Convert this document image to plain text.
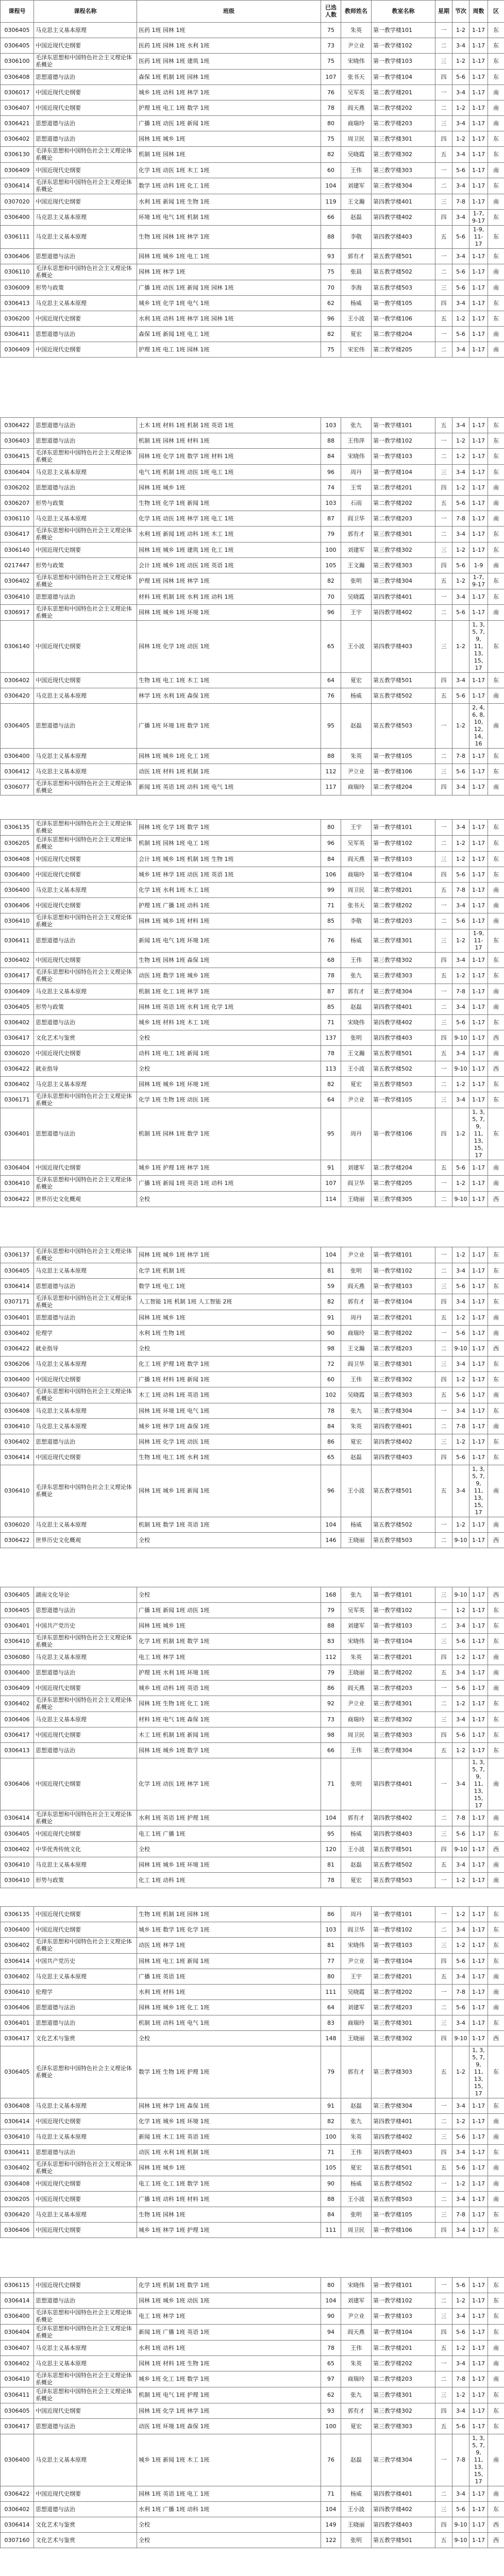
课程号	课程名称	班级	已选人数	教师姓名	教室名称	星期	节次	周数	区
0306405	马克思主义基本原理	医药 1班 园林 1班	75	朱英	第一教学楼101	一	1-2	1-17	东
0306405	中国近现代史纲要	医药 1班 园林 1班 水利 1班	73	尹立业	第一教学楼102	二	3-4	1-17	东
0306100	毛泽东思想和中国特色社会主义理论体系概论	医药 1班 园林 1班 建筑 1班	75	宋晓伟	第一教学楼103	三	1-2	1-17	东
0306408	思想道德与法治	森保 1班 机制 1班 园林 1班	107	张书天	第一教学楼104	四	5-6	1-17	东
0306017	中国近现代史纲要	城乡 1班 动科 1班 林学 1班	76	吴军英	第二教学楼201	一	3-4	1-17	南
0306407	中国近现代史纲要	护理 1班 电工 1班 数学 1班	78	阎天燕	第二教学楼202	二	1-2	1-17	南
0306421	思想道德与法治	广播 1班 动医 1班 新闻 1班	80	商瑞玲	第二教学楼203	三	3-4	1-17	南
0306402	思想道德与法治	园林 1班 城乡 1班	75	周卫民	第三教学楼301	四	1-2	1-17	东
0306130	毛泽东思想和中国特色社会主义理论体系概论	机制 1班 园林 1班	82	吴晓霞	第三教学楼302	五	3-4	1-17	东
0306409	中国近现代史纲要	化学 1班 动医 1班 木工 1班	60	王伟	第三教学楼303	一	5-6	1-17	南
0306414	毛泽东思想和中国特色社会主义理论体系概论	数学 1班 动科 1班 化工 1班	104	刘建军	第三教学楼304	二	3-4	1-17	东
0307020	中国近现代史纲要	水利 1班 新闻 1班 生物 1班	119	王文瀚	第四教学楼401	三	7-8	1-17	南
0306400	马克思主义基本原理	环境 1班 电气 1班 机制 1班	66	赵磊	第四教学楼402	四	3-4	1-7, 9-17	东
0306111	马克思主义基本原理	生物 1班 园林 1班 林学 1班	88	李敬	第四教学楼403	五	5-6	1-9, 11-17	东
0306406	思想道德与法治	园林 1班 城乡 1班 电工 1班	93	郭有才	第五教学楼501	一	3-4	1-17	东
0306110	毛泽东思想和中国特色社会主义理论体系概论	园林 1班 林学 1班	75	张晨	第五教学楼502	二	5-6	1-17	南
0306009	形势与政策	广播 1班 动医 1班 新闻 1班 园林 1班	70	李海	第五教学楼503	三	5-6	1-17	南
0306413	马克思主义基本原理	城乡 1班 化学 1班 电气 1班	62	杨威	第一教学楼105	四	3-4	1-17	东
0306200	中国近现代史纲要	水利 1班 动科 1班 林学 1班 园林 1班	96	王小波	第一教学楼106	五	1-2	1-17	东
0306411	思想道德与法治	森保 1班 新闻 1班 电工 1班	82	夏宏	第二教学楼204	一	5-6	1-17	南
0306409	中国近现代史纲要	护理 1班 电工 1班 园林 1班	75	宋宏伟	第二教学楼205	二	3-4	1-17	南
0306422	思想道德与法治	土木 1班 材料 1班 机制 1班 英语 1班	103	张九	第一教学楼101	五	3-4	1-17	东
0306403	思想道德与法治	机制 1班 园林 1班 材料 1班	88	王伟萍	第一教学楼102	一	1-2	1-17	东
0306415	毛泽东思想和中国特色社会主义理论体系概论	园林 1班 化学 1班 数学 1班 材料 1班	84	宋晓伟	第一教学楼103	二	1-2	1-17	东
0306404	马克思主义基本原理	电气 1班 机制 1班 动医 1班 电工 1班	96	周丹	第一教学楼104	三	3-4	1-17	东
0306202	思想道德与法治	园林 1班 城乡 1班	74	王雪	第二教学楼201	四	1-2	1-17	南
0306207	形势与政策	生物 1班 化学 1班 新闻 1班	103	石雨	第二教学楼202	五	5-6	1-17	南
0306110	马克思主义基本原理	化学 1班 动医 1班 林学 1班 电工 1班	87	阎卫华	第二教学楼203	一	7-8	1-17	南
0306417	毛泽东思想和中国特色社会主义理论体系概论	水利 1班 新闻 1班 动科 1班 木工 1班	79	郭有才	第三教学楼301	二	3-4	1-17	东
0306140	中国近现代史纲要	园林 1班 城乡 1班 建筑 1班 化工 1班	100	刘建军	第三教学楼302	三	1-2	1-17	东
0217447	形势与政策	会计 1班 城乡 1班 动医 1班 英语 1班	105	王文瀚	第三教学楼303	四	5-6	1-9	南
0306402	毛泽东思想和中国特色社会主义理论体系概论	护理 1班 园林 1班 林学 1班	82	张明	第三教学楼304	五	1-2	1-7, 9-17	东
0306410	思想道德与法治	材料 1班 机制 1班 水利 1班 动科 1班	70	吴晓霞	第四教学楼401	一	3-4	1-17	东
0306917	毛泽东思想和中国特色社会主义理论体系概论	园林 1班 城乡 1班 环境 1班	96	王宇	第四教学楼402	二	5-6	1-17	南
0306140	中国近现代史纲要	园林 1班 化学 1班 动医 1班	65	王小波	第四教学楼403	三	1-2	1, 3, 5, 7, 9, 11, 13, 15, 17	东
0306402	中国近现代史纲要	生物 1班 电工 1班 木工 1班	64	夏宏	第五教学楼501	四	3-4	1-17	东
0306420	马克思主义基本原理	林学 1班 水利 1班 森保 1班	76	杨威	第五教学楼502	五	5-6	1-17	南
0306405	思想道德与法治	广播 1班 环境 1班 数学 1班	95	赵磊	第五教学楼503	一	1-2	2, 4, 6, 8, 10, 12, 14, 16	南
0306400	马克思主义基本原理	园林 1班 城乡 1班 化工 1班	88	朱英	第一教学楼105	二	7-8	1-17	东
0306412	马克思主义基本原理	动医 1班 材料 1班 机制 1班	112	尹立业	第一教学楼106	三	5-6	1-17	东
0306077	毛泽东思想和中国特色社会主义理论体系概论	新闻 1班 英语 1班 动科 1班 电气 1班	117	商瑞玲	第二教学楼204	四	3-4	1-17	南
0306135	毛泽东思想和中国特色社会主义理论体系概论	园林 1班 化学 1班 数学 1班	80	王宇	第一教学楼101	一	3-4	1-17	东
0306205	毛泽东思想和中国特色社会主义理论体系概论	机制 1班 园林 1班 电工 1班	96	吴军英	第一教学楼102	二	1-2	1-17	东
0306408	中国近现代史纲要	会计 1班 城乡 1班 机制 1班 生物 1班	84	阎天燕	第一教学楼103	三	1-2	1-17	东
0306400	中国近现代史纲要	城乡 1班 林学 1班 动医 1班 英语 1班	106	商瑞玲	第一教学楼104	四	5-6	1-17	东
0306400	马克思主义基本原理	化学 1班 水利 1班 木工 1班	99	周卫民	第二教学楼201	五	7-8	1-17	南
0306406	中国近现代史纲要	护理 1班 广播 1班 动科 1班	71	张书天	第二教学楼202	一	3-4	1-17	南
0306410	毛泽东思想和中国特色社会主义理论体系概论	园林 1班 城乡 1班 材料 1班	85	李敬	第二教学楼203	二	5-6	1-17	南
0306411	思想道德与法治	新闻 1班 电气 1班 环境 1班	76	杨威	第三教学楼301	三	1-2	1-9, 11-17	东
0306402	中国近现代史纲要	生物 1班 园林 1班 森保 1班	68	王伟	第三教学楼302	四	3-4	1-17	东
0306417	毛泽东思想和中国特色社会主义理论体系概论	动医 1班 数学 1班 城乡 1班	78	张九	第三教学楼303	五	1-2	1-17	东
0306409	马克思主义基本原理	机制 1班 化工 1班 林学 1班	87	郭有才	第三教学楼304	一	7-8	1-17	南
0306405	形势与政策	园林 1班 英语 1班 水利 1班 化学 1班	85	赵磊	第四教学楼401	二	3-4	1-17	南
0306402	思想道德与法治	城乡 1班 材料 1班 木工 1班	71	宋晓伟	第四教学楼402	三	5-6	1-17	东
0306417	文化艺术与鉴赏	全校	137	张明	第四教学楼403	四	9-10	1-17	西
0306020	中国近现代史纲要	动科 1班 电工 1班 新闻 1班	78	王文瀚	第五教学楼501	五	3-4	1-17	南
0306422	就业指导	全校	113	王小波	第五教学楼502	一	9-10	1-17	西
0306402	马克思主义基本原理	园林 1班 城乡 1班 环境 1班	82	夏宏	第五教学楼503	二	1-2	1-17	东
0306171	毛泽东思想和中国特色社会主义理论体系概论	化学 1班 生物 1班 动医 1班	64	尹立业	第一教学楼105	三	3-4	1-17	东
0306401	思想道德与法治	机制 1班 园林 1班 数学 1班	95	周丹	第一教学楼106	四	1-2	1, 3, 5, 7, 9, 11, 13, 15, 17	东
0306404	中国近现代史纲要	城乡 1班 护理 1班 林学 1班	91	刘建军	第二教学楼204	五	5-6	1-17	南
0306410	毛泽东思想和中国特色社会主义理论体系概论	广播 1班 新闻 1班 英语 1班 动科 1班	107	阎卫华	第二教学楼205	一	1-2	1-17	南
0306422	世界历史文化概观	全校	114	王晓丽	第三教学楼305	二	9-10	1-17	西
0306137	毛泽东思想和中国特色社会主义理论体系概论	园林 1班 城乡 1班 林学 1班	104	尹立业	第一教学楼101	一	1-2	1-17	东
0306405	马克思主义基本原理	化学 1班 机制 1班	81	张明	第一教学楼102	二	3-4	1-17	东
0306414	思想道德与法治	数学 1班 电工 1班	59	阎天燕	第一教学楼103	三	5-6	1-17	东
0307171	毛泽东思想和中国特色社会主义理论体系概论	人工智能 1班 机制 1班 人工智能 2班	82	郭有才	第一教学楼104	四	3-4	1-17	东
0306401	思想道德与法治	园林 1班 城乡 1班	91	周丹	第二教学楼201	五	1-2	1-17	南
0306402	伦理学	水利 1班 生物 1班	90	商瑞玲	第二教学楼202	一	5-6	1-17	南
0306422	就业指导	全校	98	王文瀚	第二教学楼203	二	9-10	1-17	西
0306206	马克思主义基本原理	化工 1班 护理 1班 数学 1班	72	阎卫华	第三教学楼301	三	3-4	1-17	东
0306400	中国近现代史纲要	广播 1班 材料 1班 新闻 1班	60	王伟	第三教学楼302	四	1-2	1-17	东
0306407	毛泽东思想和中国特色社会主义理论体系概论	木工 1班 动科 1班 英语 1班	102	吴晓霞	第三教学楼303	五	5-6	1-17	南
0306408	马克思主义基本原理	园林 1班 环境 1班 电气 1班	78	张九	第三教学楼304	一	3-4	1-17	东
0306410	马克思主义基本原理	城乡 1班 林学 1班 森保 1班	84	朱英	第四教学楼401	二	7-8	1-17	南
0306402	思想道德与法治	园林 1班 化学 1班 动医 1班	86	夏宏	第四教学楼402	三	1-2	1-17	东
0306414	中国近现代史纲要	生物 1班 电工 1班 水利 1班	65	赵磊	第四教学楼403	四	5-6	1-17	东
0306410	毛泽东思想和中国特色社会主义理论体系概论	园林 1班 城乡 1班 新闻 1班	96	王小波	第五教学楼501	五	3-4	1, 3, 5, 7, 9, 11, 13, 15, 17	南
0306020	马克思主义基本原理	机制 1班 数学 1班 英语 1班	104	杨威	第五教学楼502	一	1-2	1-17	南
0306422	世界历史文化概观	全校	146	王晓丽	第五教学楼503	二	9-10	1-17	西
0306405	湖南文化导论	全校	168	张九	第一教学楼101	三	9-10	1-17	西
0306405	思想道德与法治	广播 1班 新闻 1班 动医 1班	79	吴军英	第一教学楼102	一	1-2	1-17	东
0306401	中国共产党历史	园林 1班 城乡 1班	88	刘建军	第一教学楼103	二	3-4	1-17	东
0306410	毛泽东思想和中国特色社会主义理论体系概论	化学 1班 机制 1班 数学 1班	83	宋晓伟	第一教学楼104	三	5-6	1-17	东
0306080	马克思主义基本原理	电工 1班 林学 1班	112	朱英	第二教学楼201	四	1-2	1-17	南
0306400	思想道德与法治	护理 1班 水利 1班 环境 1班	79	王晓丽	第二教学楼202	五	3-4	1-17	南
0306409	中国近现代史纲要	城乡 1班 动科 1班 英语 1班	86	阎天燕	第二教学楼203	一	5-6	1-17	南
0306402	毛泽东思想和中国特色社会主义理论体系概论	园林 1班 生物 1班 化工 1班	92	尹立业	第三教学楼301	二	1-2	1-17	东
0306406	马克思主义基本原理	材料 1班 电气 1班 森保 1班	73	商瑞玲	第三教学楼302	三	3-4	1-17	东
0306417	中国近现代史纲要	木工 1班 机制 1班 新闻 1班	98	周卫民	第三教学楼303	四	5-6	1-17	东
0306413	思想道德与法治	园林 1班 城乡 1班 数学 1班	66	王伟	第三教学楼304	五	1-2	1-17	东
0306406	中国近现代史纲要	化学 1班 动医 1班 林学 1班	71	张明	第四教学楼401	一	3-4	1, 3, 5, 7, 9, 11, 13, 15, 17	南
0306414	毛泽东思想和中国特色社会主义理论体系概论	水利 1班 英语 1班 护理 1班	104	郭有才	第四教学楼402	二	7-8	1-17	南
0306405	中国近现代史纲要	电工 1班 广播 1班	95	杨威	第四教学楼403	三	5-6	1-17	东
0306402	中华优秀传统文化	全校	120	王小波	第五教学楼501	四	9-10	1-17	西
0306410	马克思主义基本原理	园林 1班 城乡 1班 环境 1班	81	赵磊	第五教学楼502	五	3-4	1-17	南
0306410	形势与政策	化工 1班 动科 1班	78	夏宏	第五教学楼503	一	1-2	1-17	南
0306135	中国近现代史纲要	生物 1班 机制 1班 园林 1班	86	周丹	第一教学楼101	一	1-2	1-17	东
0306400	中国近现代史纲要	城乡 1班 数学 1班 化学 1班	103	阎卫华	第一教学楼102	二	3-4	1-17	东
0306402	毛泽东思想和中国特色社会主义理论体系概论	动医 1班 林学 1班	81	宋晓伟	第一教学楼103	三	1-2	1-17	东
0306414	中国共产党历史	园林 1班 电工 1班 新闻 1班	77	尹立业	第一教学楼104	四	5-6	1-17	东
0306402	马克思主义基本原理	广播 1班 英语 1班	80	王宇	第二教学楼201	五	3-4	1-17	南
0306410	伦理学	水利 1班 材料 1班	111	吴晓霞	第二教学楼202	一	7-8	1-17	南
0306406	思想道德与法治	园林 1班 城乡 1班 化工 1班	64	刘建军	第二教学楼203	二	5-6	1-17	南
0306401	思想道德与法治	机制 1班 动科 1班 电气 1班	83	商瑞玲	第三教学楼301	三	3-4	1-17	东
0306417	文化艺术与鉴赏	全校	148	王晓丽	第三教学楼302	四	9-10	1-17	西
0306405	毛泽东思想和中国特色社会主义理论体系概论	数学 1班 生物 1班 护理 1班	79	郭有才	第三教学楼303	五	1-2	1, 3, 5, 7, 9, 11, 13, 15, 17	东
0306408	马克思主义基本原理	园林 1班 林学 1班 森保 1班	91	赵磊	第三教学楼304	一	3-4	1-17	东
0306414	中国近现代史纲要	化学 1班 城乡 1班 环境 1班	82	张九	第四教学楼401	二	1-2	1-17	南
0306410	马克思主义基本原理	新闻 1班 木工 1班 英语 1班	100	朱英	第四教学楼402	三	5-6	1-17	南
0306411	思想道德与法治	动医 1班 水利 1班 机制 1班	71	王伟	第四教学楼403	四	3-4	1-17	东
0306402	毛泽东思想和中国特色社会主义理论体系概论	园林 1班 城乡 1班	105	夏宏	第五教学楼501	五	5-6	1-17	南
0306408	中国近现代史纲要	电工 1班 化工 1班 数学 1班	90	杨威	第五教学楼502	一	1-2	1-17	南
0306205	中国近现代史纲要	广播 1班 动科 1班 材料 1班	88	王小波	第五教学楼503	二	3-4	1-17	南
0306420	马克思主义基本原理	生物 1班 园林 1班	84	张明	第一教学楼105	三	7-8	1-17	东
0306406	中国近现代史纲要	城乡 1班 林学 1班 护理 1班	111	周卫民	第一教学楼106	四	3-4	1-17	东
0306115	中国近现代史纲要	化学 1班 机制 1班 数学 1班	80	宋晓伟	第一教学楼101	一	5-6	1-17	东
0306414	思想道德与法治	园林 1班 城乡 1班 动医 1班	104	刘建军	第一教学楼102	二	1-2	1-17	东
0306400	毛泽东思想和中国特色社会主义理论体系概论	电工 1班 林学 1班	90	尹立业	第一教学楼103	三	3-4	1-17	东
0306404	毛泽东思想和中国特色社会主义理论体系概论	新闻 1班 广播 1班 英语 1班	94	阎天燕	第一教学楼104	四	5-6	1-17	东
0306407	马克思主义基本原理	水利 1班 动科 1班	78	王伟	第二教学楼201	五	1-2	1-17	南
0306402	马克思主义基本原理	园林 1班 材料 1班 生物 1班	65	朱英	第二教学楼202	一	3-4	1-17	南
0306410	毛泽东思想和中国特色社会主义理论体系概论	城乡 1班 化工 1班 数学 1班	97	商瑞玲	第二教学楼203	二	7-8	1-17	南
0306411	毛泽东思想和中国特色社会主义理论体系概论	机制 1班 电气 1班 护理 1班	62	张九	第三教学楼301	三	1-2	1-17	东
0306405	中国近现代史纲要	园林 1班 化学 1班 林学 1班	93	郭有才	第三教学楼302	四	3-4	1-17	东
0306417	思想道德与法治	动医 1班 环境 1班 森保 1班	100	夏宏	第三教学楼303	五	5-6	1-17	东
0306400	马克思主义基本原理	城乡 1班 新闻 1班 木工 1班	76	赵磊	第三教学楼304	一	7-8	1, 3, 5, 7, 9, 11, 13, 15, 17	南
0306422	中国近现代史纲要	园林 1班 英语 1班 电工 1班	71	杨威	第四教学楼401	二	3-4	1-17	南
0306402	思想道德与法治	水利 1班 广播 1班 动科 1班	104	王小波	第四教学楼402	三	5-6	1-17	东
0306414	文化艺术与鉴赏	全校	149	王晓丽	第四教学楼403	四	9-10	1-17	西
0307160	文化艺术与鉴赏	全校	122	张明	第五教学楼501	五	9-10	1-17	西
